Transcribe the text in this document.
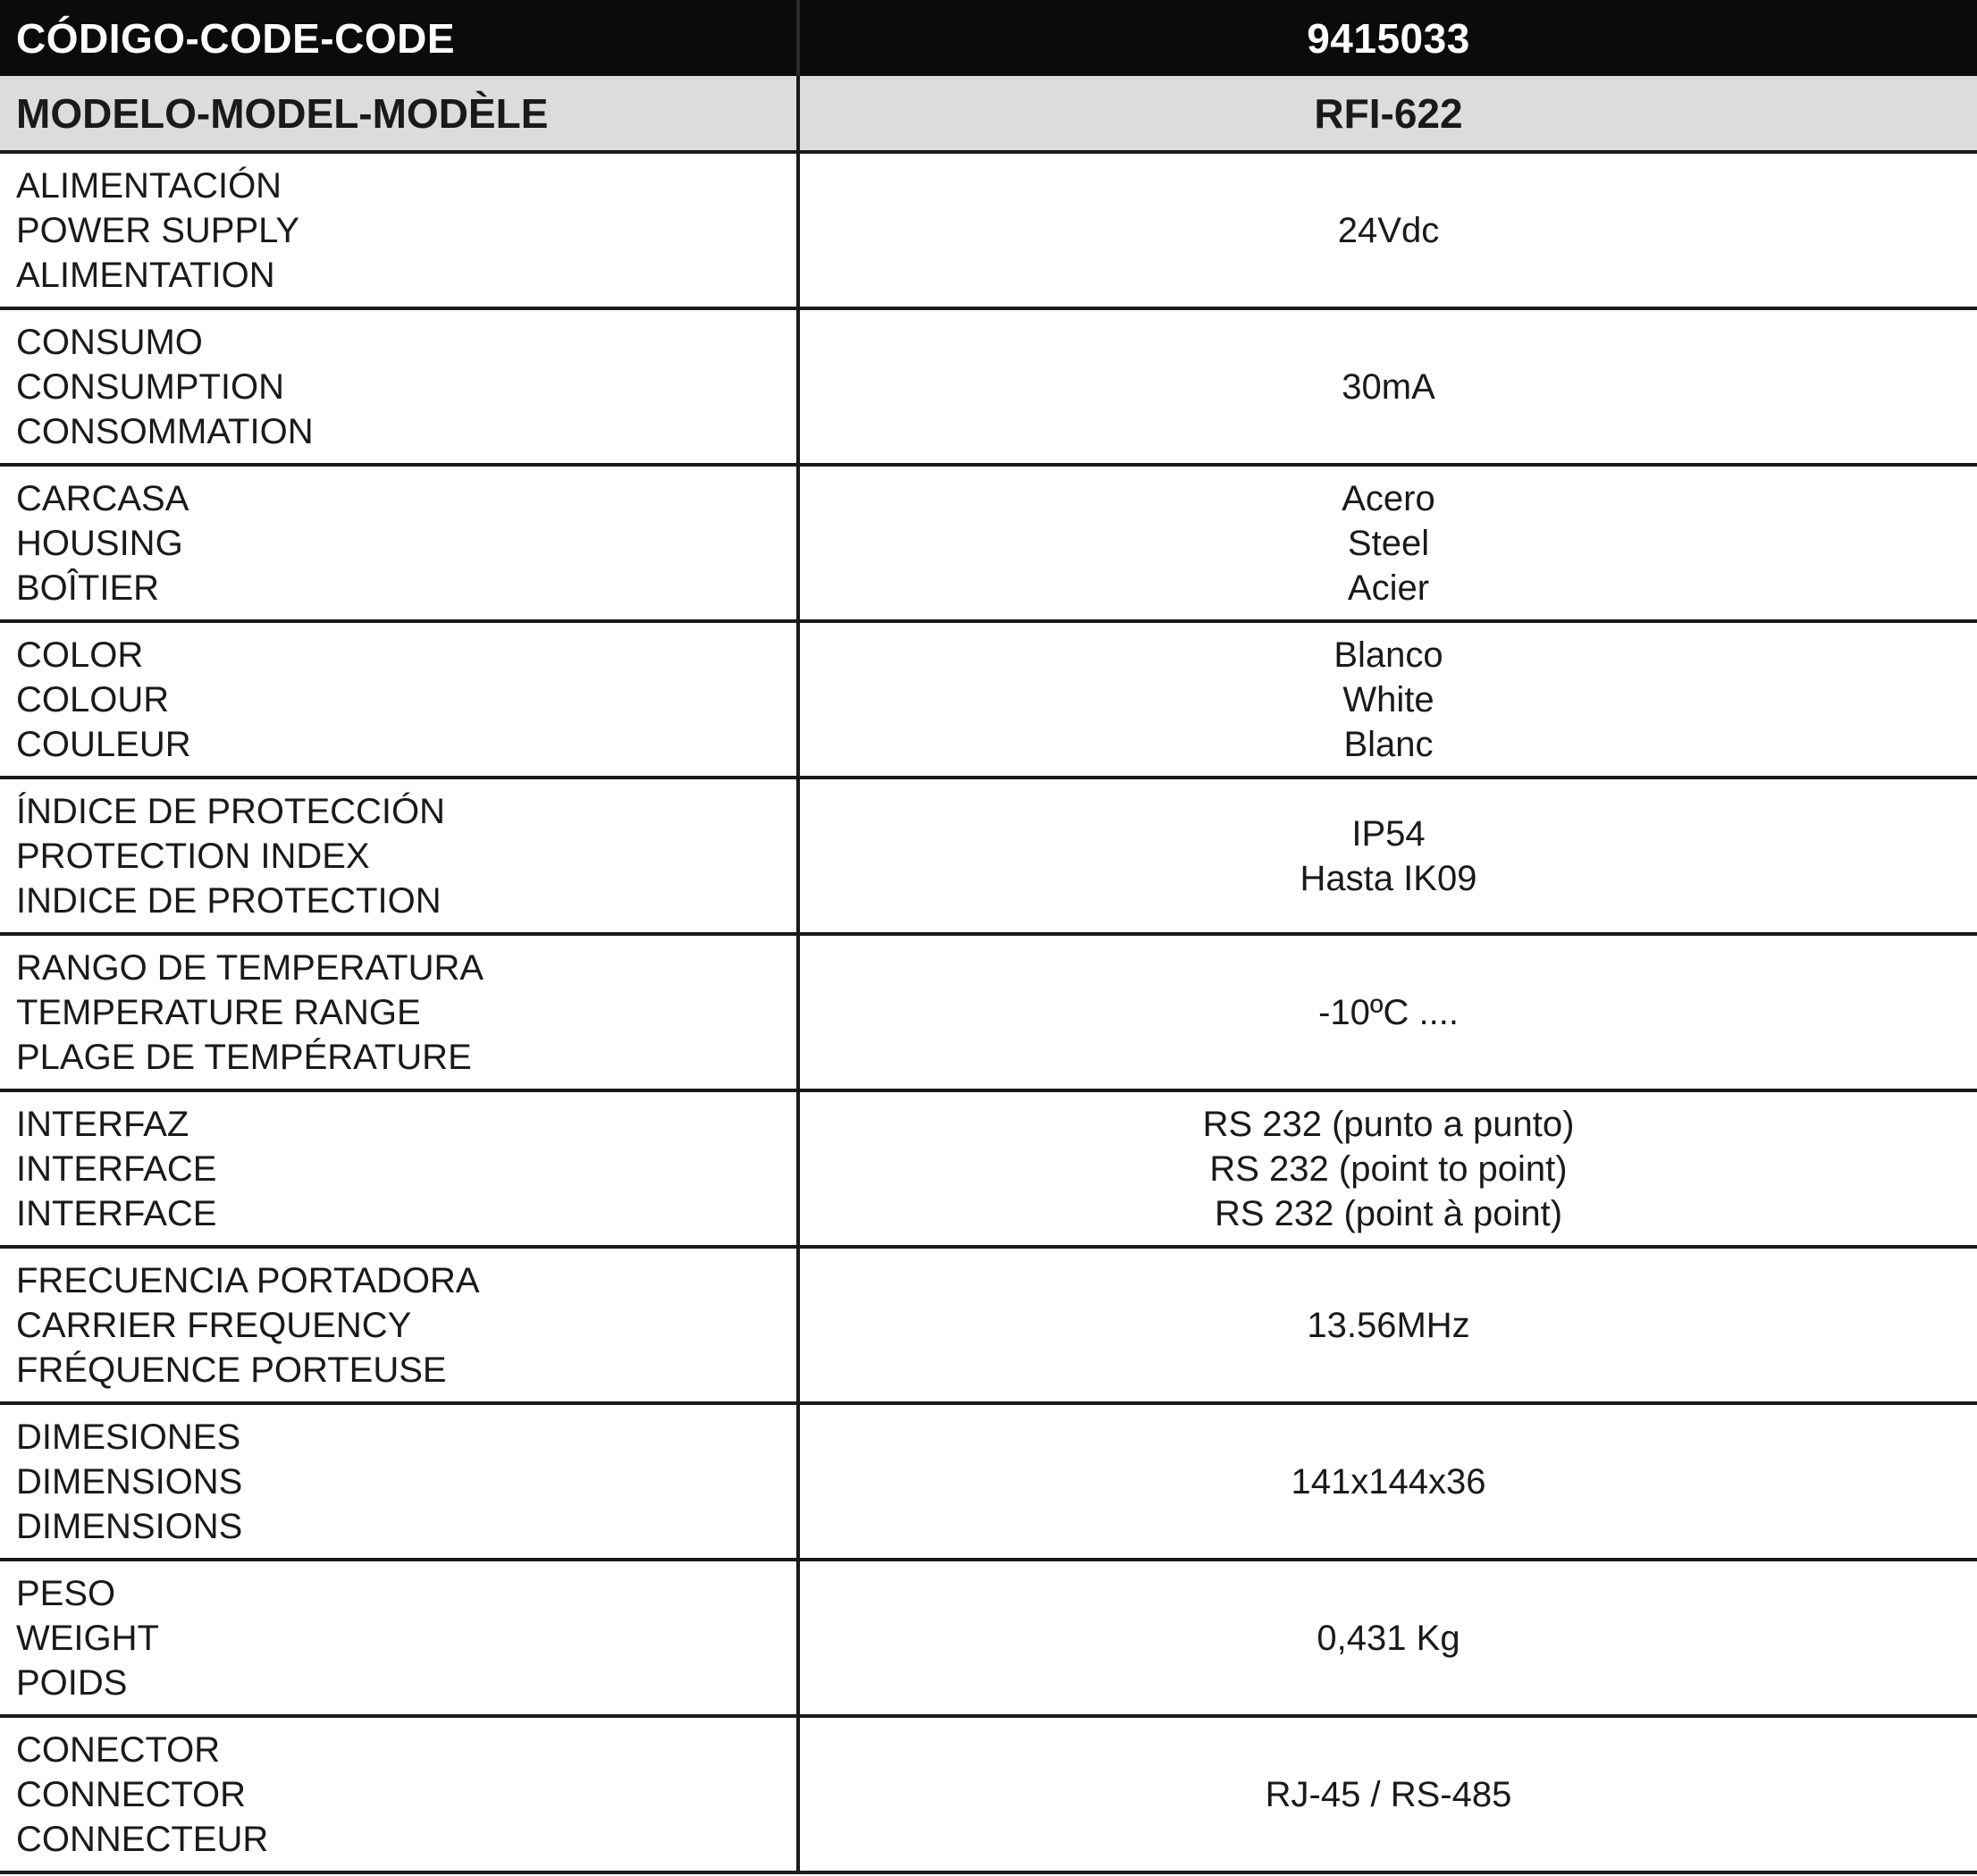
CÓDIGO-CODE-CODE	9415033
MODELO-MODEL-MODÈLE	RFI-622

ALIMENTACIÓN
POWER SUPPLY
ALIMENTATION	24Vdc

CONSUMO
CONSUMPTION
CONSOMMATION	30mA

CARCASA
HOUSING
BOÎTIER	Acero
Steel
Acier

COLOR
COLOUR
COULEUR	Blanco
White
Blanc

ÍNDICE DE PROTECCIÓN
PROTECTION INDEX
INDICE DE PROTECTION	IP54
Hasta IK09

RANGO DE TEMPERATURA
TEMPERATURE RANGE
PLAGE DE TEMPÉRATURE	-10ºC ....

INTERFAZ
INTERFACE
INTERFACE	RS 232 (punto a punto)
RS 232 (point to point)
RS 232 (point à point)

FRECUENCIA PORTADORA
CARRIER FREQUENCY
FRÉQUENCE PORTEUSE	13.56MHz

DIMESIONES
DIMENSIONS
DIMENSIONS	141x144x36

PESO
WEIGHT
POIDS	0,431 Kg

CONECTOR
CONNECTOR
CONNECTEUR	RJ-45 / RS-485
